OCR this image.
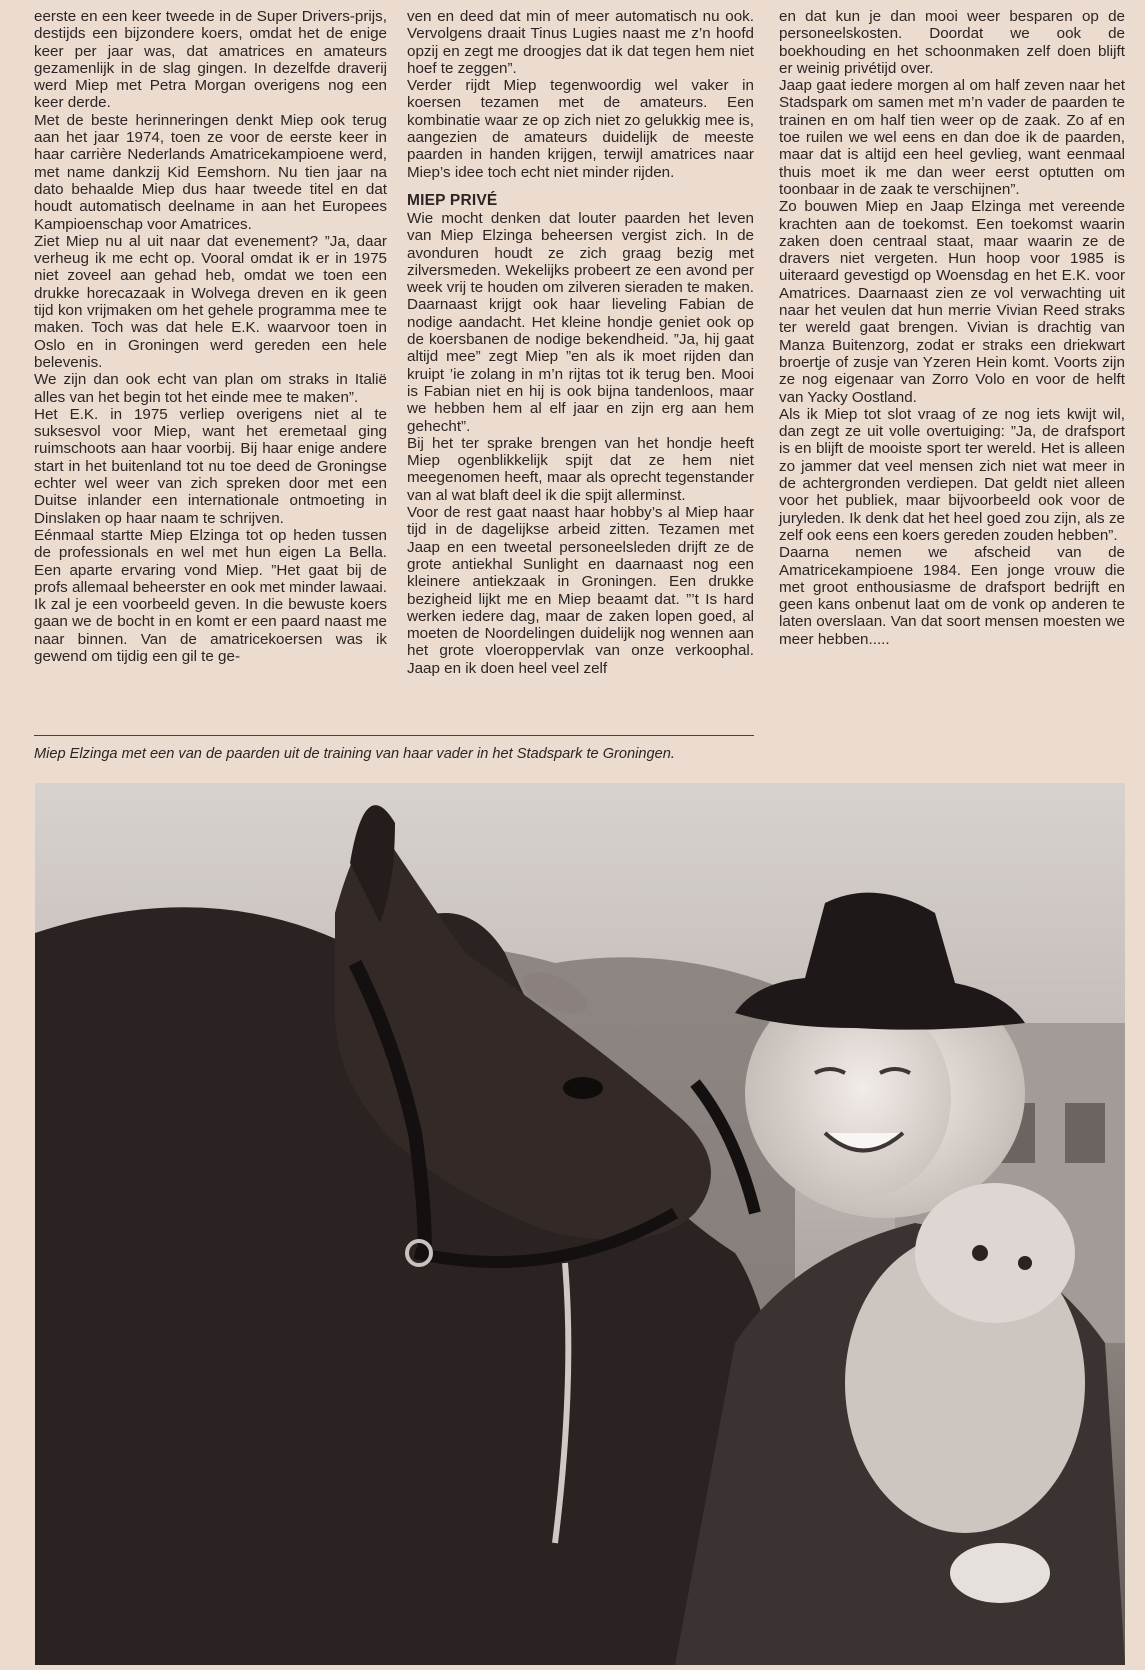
eerste en een keer tweede in de Super Drivers-prijs, destijds een bijzondere koers, omdat het de enige keer per jaar was, dat amatrices en amateurs gezamenlijk in de slag gingen. In dezelfde draverij werd Miep met Petra Morgan overigens nog een keer derde.

Met de beste herinneringen denkt Miep ook terug aan het jaar 1974, toen ze voor de eerste keer in haar carrière Nederlands Amatricekampioene werd, met name dankzij Kid Eemshorn. Nu tien jaar na dato behaalde Miep dus haar tweede titel en dat houdt automatisch deelname in aan het Europees Kampioenschap voor Amatrices.

Ziet Miep nu al uit naar dat evenement? ”Ja, daar verheug ik me echt op. Vooral omdat ik er in 1975 niet zoveel aan gehad heb, omdat we toen een drukke horecazaak in Wolvega dreven en ik geen tijd kon vrijmaken om het gehele programma mee te maken. Toch was dat hele E.K. waarvoor toen in Oslo en in Groningen werd gereden een hele belevenis.

We zijn dan ook echt van plan om straks in Italië alles van het begin tot het einde mee te maken”.

Het E.K. in 1975 verliep overigens niet al te suksesvol voor Miep, want het eremetaal ging ruimschoots aan haar voorbij. Bij haar enige andere start in het buitenland tot nu toe deed de Groningse echter wel weer van zich spreken door met een Duitse inlander een internationale ontmoeting in Dinslaken op haar naam te schrijven.

Eénmaal startte Miep Elzinga tot op heden tussen de professionals en wel met hun eigen La Bella. Een aparte ervaring vond Miep. ”Het gaat bij de profs allemaal beheerster en ook met minder lawaai. Ik zal je een voorbeeld geven. In die bewuste koers gaan we de bocht in en komt er een paard naast me naar binnen. Van de amatricekoersen was ik gewend om tijdig een gil te ge-

ven en deed dat min of meer automatisch nu ook. Vervolgens draait Tinus Lugies naast me z’n hoofd opzij en zegt me droogjes dat ik dat tegen hem niet hoef te zeggen”.

Verder rijdt Miep tegenwoordig wel vaker in koersen tezamen met de amateurs. Een kombinatie waar ze op zich niet zo gelukkig mee is, aangezien de amateurs duidelijk de meeste paarden in handen krijgen, terwijl amatrices naar Miep’s idee toch echt niet minder rijden.

MIEP PRIVÉ

Wie mocht denken dat louter paarden het leven van Miep Elzinga beheersen vergist zich. In de avonduren houdt ze zich graag bezig met zilversmeden. Wekelijks probeert ze een avond per week vrij te houden om zilveren sieraden te maken. Daarnaast krijgt ook haar lieveling Fabian de nodige aandacht. Het kleine hondje geniet ook op de koersbanen de nodige bekendheid. ”Ja, hij gaat altijd mee” zegt Miep ”en als ik moet rijden dan kruipt ’ie zolang in m’n rijtas tot ik terug ben. Mooi is Fabian niet en hij is ook bijna tandenloos, maar we hebben hem al elf jaar en zijn erg aan hem gehecht”.

Bij het ter sprake brengen van het hondje heeft Miep ogenblikkelijk spijt dat ze hem niet meegenomen heeft, maar als oprecht tegenstander van al wat blaft deel ik die spijt allerminst.

Voor de rest gaat naast haar hobby’s al Miep haar tijd in de dagelijkse arbeid zitten. Tezamen met Jaap en een tweetal personeelsleden drijft ze de grote antiekhal Sunlight en daarnaast nog een kleinere antiekzaak in Groningen. Een drukke bezigheid lijkt me en Miep beaamt dat. ”’t Is hard werken iedere dag, maar de zaken lopen goed, al moeten de Noordelingen duidelijk nog wennen aan het grote vloeroppervlak van onze verkoophal. Jaap en ik doen heel veel zelf

en dat kun je dan mooi weer besparen op de personeelskosten. Doordat we ook de boekhouding en het schoonmaken zelf doen blijft er weinig privétijd over.

Jaap gaat iedere morgen al om half zeven naar het Stadspark om samen met m’n vader de paarden te trainen en om half tien weer op de zaak. Zo af en toe ruilen we wel eens en dan doe ik de paarden, maar dat is altijd een heel gevlieg, want eenmaal thuis moet ik me dan weer eerst optutten om toonbaar in de zaak te verschijnen”.

Zo bouwen Miep en Jaap Elzinga met vereende krachten aan de toekomst. Een toekomst waarin zaken doen centraal staat, maar waarin ze de dravers niet vergeten. Hun hoop voor 1985 is uiteraard gevestigd op Woensdag en het E.K. voor Amatrices. Daarnaast zien ze vol verwachting uit naar het veulen dat hun merrie Vivian Reed straks ter wereld gaat brengen. Vivian is drachtig van Manza Buitenzorg, zodat er straks een driekwart broertje of zusje van Yzeren Hein komt. Voorts zijn ze nog eigenaar van Zorro Volo en voor de helft van Yacky Oostland.

Als ik Miep tot slot vraag of ze nog iets kwijt wil, dan zegt ze uit volle overtuiging: ”Ja, de drafsport is en blijft de mooiste sport ter wereld. Het is alleen zo jammer dat veel mensen zich niet wat meer in de achtergronden verdiepen. Dat geldt niet alleen voor het publiek, maar bijvoorbeeld ook voor de juryleden. Ik denk dat het heel goed zou zijn, als ze zelf ook eens een koers gereden zouden hebben”.

Daarna nemen we afscheid van de Amatricekampioene 1984. Een jonge vrouw die met groot enthousiasme de drafsport bedrijft en geen kans onbenut laat om de vonk op anderen te laten overslaan. Van dat soort mensen moesten we meer hebben.....

Miep Elzinga met een van de paarden uit de training van haar vader in het Stadspark te Groningen.
